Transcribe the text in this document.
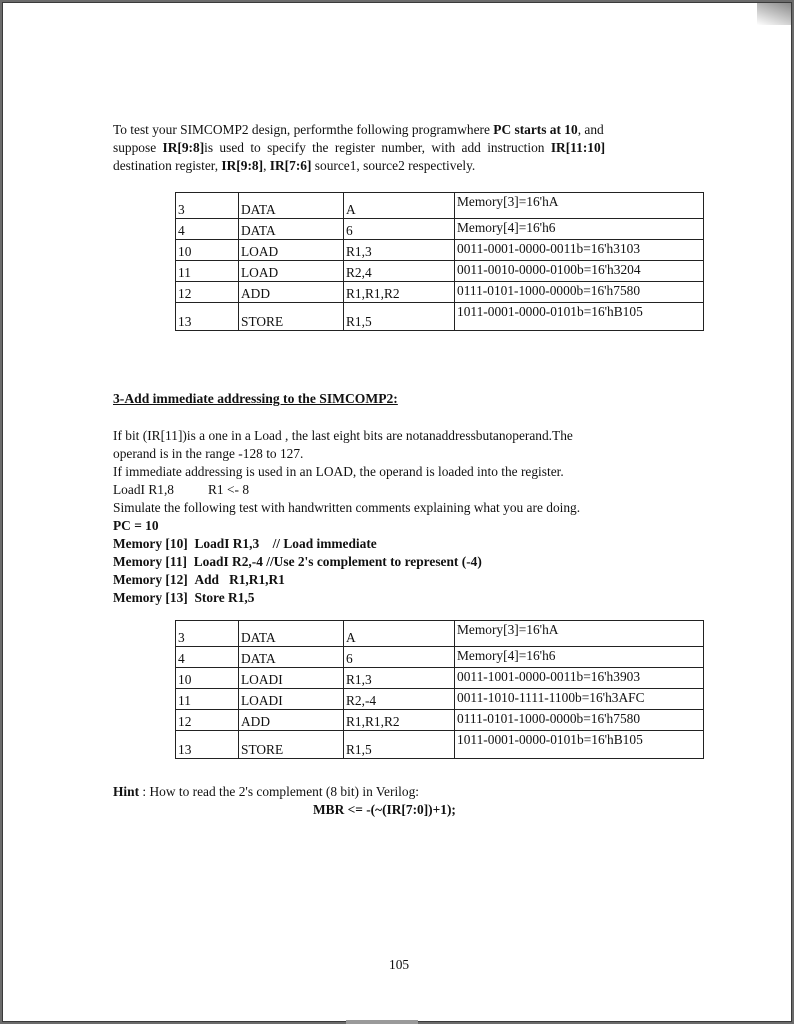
To test your SIMCOMP2 design, performthe following programwhere PC starts at 10, and

suppose IR[9:8]is used to specify the register number, with add instruction IR[11:10]

destination register, IR[9:8], IR[7:6] source1, source2 respectively.

3	DATA	A	Memory[3]=16'hA
4	DATA	6	Memory[4]=16'h6
10	LOAD	R1,3	0011-0001-0000-0011b=16'h3103
11	LOAD	R2,4	0011-0010-0000-0100b=16'h3204
12	ADD	R1,R1,R2	0111-0101-1000-0000b=16'h7580
13	STORE	R1,5	1011-0001-0000-0101b=16'hB105
3-Add immediate addressing to the SIMCOMP2:

If bit (IR[11])is a one in a Load , the last eight bits are notanaddressbutanoperand.The

operand is in the range -128 to 127.

If immediate addressing is used in an LOAD, the operand is loaded into the register.

LoadI R1,8	R1 <- 8

Simulate the following test with handwritten comments explaining what you are doing.

PC = 10
Memory [10] LoadI R1,3 // Load immediate
Memory [11] LoadI R2,-4 //Use 2's complement to represent (-4)
Memory [12] Add R1,R1,R1
Memory [13] Store R1,5
3	DATA	A	Memory[3]=16'hA
4	DATA	6	Memory[4]=16'h6
10	LOADI	R1,3	0011-1001-0000-0011b=16'h3903
11	LOADI	R2,-4	0011-1010-1111-1100b=16'h3AFC
12	ADD	R1,R1,R2	0111-0101-1000-0000b=16'h7580
13	STORE	R1,5	1011-0001-0000-0101b=16'hB105

Hint : How to read the 2's complement (8 bit) in Verilog:

MBR <= -(~(IR[7:0])+1);
105
